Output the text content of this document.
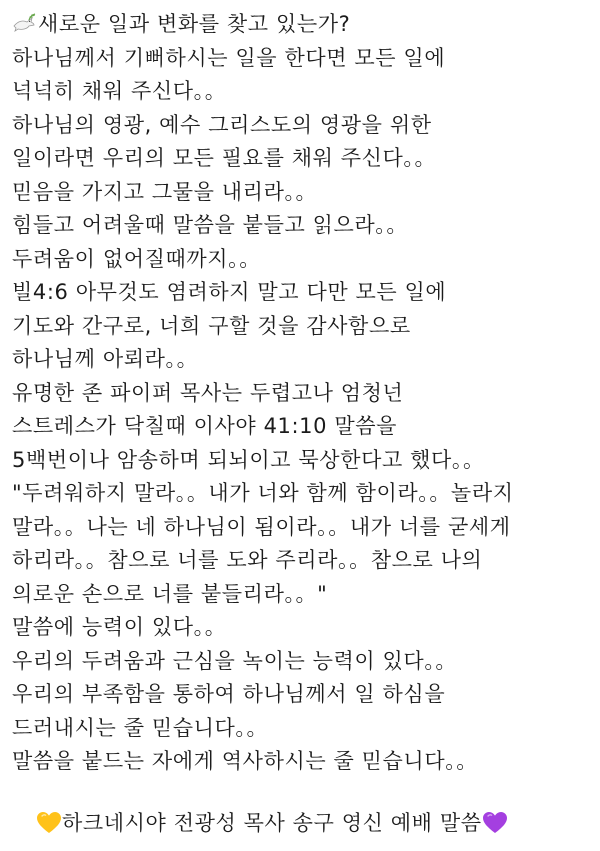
새로운 일과 변화를 찾고 있는가?
하나님께서 기뻐하시는 일을 한다면 모든 일에
넉넉히 채워 주신다。。
하나님의 영광, 예수 그리스도의 영광을 위한
일이라면 우리의 모든 필요를 채워 주신다。。
믿음을 가지고 그물을 내리라。。
힘들고 어려울때 말씀을 붙들고 읽으라。。
두려움이 없어질때까지。。
빌4:6 아무것도 염려하지 말고 다만 모든 일에
기도와 간구로, 너희 구할 것을 감사함으로
하나님께 아뢰라。。
유명한 존 파이퍼 목사는 두렵고나 엄청넌
스트레스가 닥칠때 이사야 41:10 말씀을
5백번이나 암송하며 되뇌이고 묵상한다고 했다。。
"두려워하지 말라。。내가 너와 함께 함이라。。놀라지
말라。。나는 네 하나님이 됨이라。。내가 너를 굳세게
하리라。。참으로 너를 도와 주리라。。참으로 나의
의로운 손으로 너를 붙들리라。。"
말씀에 능력이 있다。。
우리의 두려움과 근심을 녹이는 능력이 있다。。
우리의 부족함을 통하여 하나님께서 일 하심을
드러내시는 줄 믿습니다。。
말씀을 붙드는 자에게 역사하시는 줄 믿습니다。。
하크네시야 전광성 목사 송구 영신 예배 말씀
